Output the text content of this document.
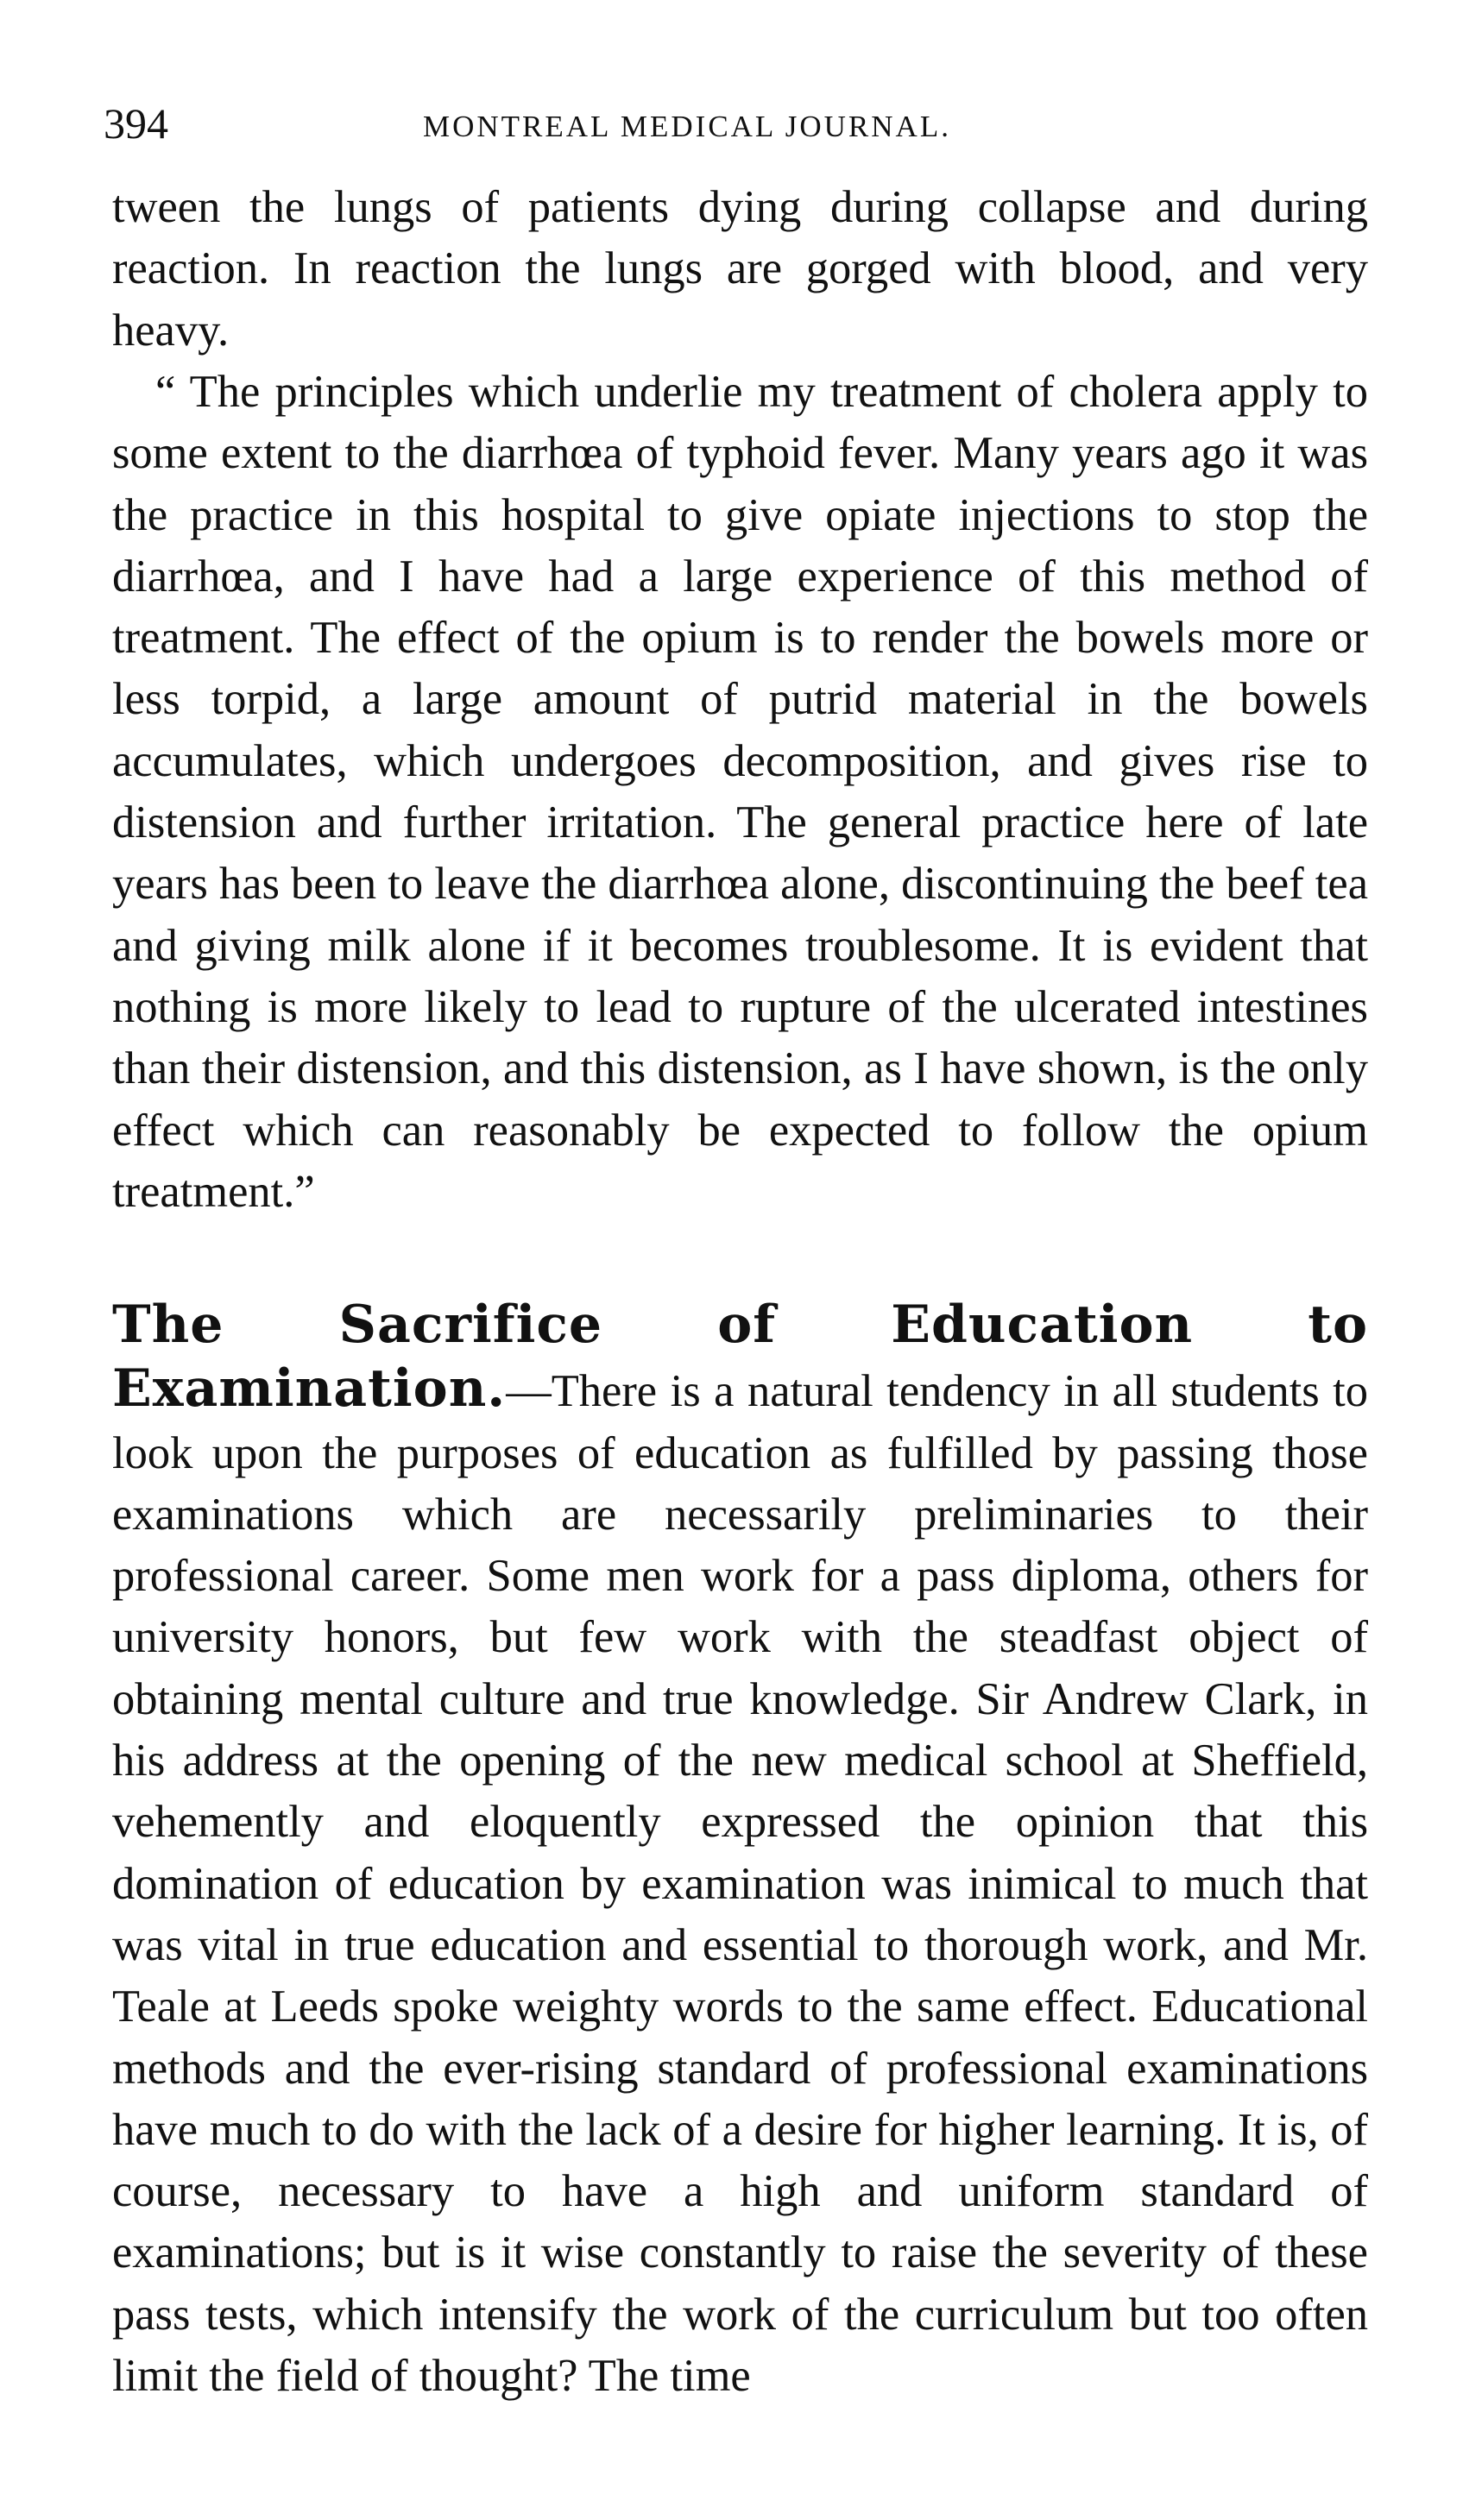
394	MONTREAL MEDICAL JOURNAL.

tween the lungs of patients dying during collapse and during reaction. In reaction the lungs are gorged with blood, and very heavy.

“ The principles which underlie my treatment of cholera apply to some extent to the diarrhœa of typhoid fever. Many years ago it was the practice in this hospital to give opiate injections to stop the diarrhœa, and I have had a large experience of this method of treatment. The effect of the opium is to render the bowels more or less torpid, a large amount of putrid material in the bowels accumulates, which undergoes decomposition, and gives rise to distension and further irritation. The general practice here of late years has been to leave the diarrhœa alone, discontinuing the beef tea and giving milk alone if it becomes troublesome. It is evident that nothing is more likely to lead to rupture of the ulcerated intestines than their distension, and this distension, as I have shown, is the only effect which can reasonably be expected to follow the opium treatment.”

The Sacrifice of Education to Examination.—There is a natural tendency in all students to look upon the purposes of education as fulfilled by passing those examinations which are necessarily preliminaries to their professional career. Some men work for a pass diploma, others for university honors, but few work with the steadfast object of obtaining mental culture and true knowledge. Sir Andrew Clark, in his address at the opening of the new medical school at Sheffield, vehemently and eloquently expressed the opinion that this domination of education by examination was inimical to much that was vital in true education and essential to thorough work, and Mr. Teale at Leeds spoke weighty words to the same effect. Educational methods and the ever-rising standard of professional examinations have much to do with the lack of a desire for higher learning. It is, of course, necessary to have a high and uniform standard of examinations; but is it wise constantly to raise the severity of these pass tests, which intensify the work of the curriculum but too often limit the field of thought? The time
